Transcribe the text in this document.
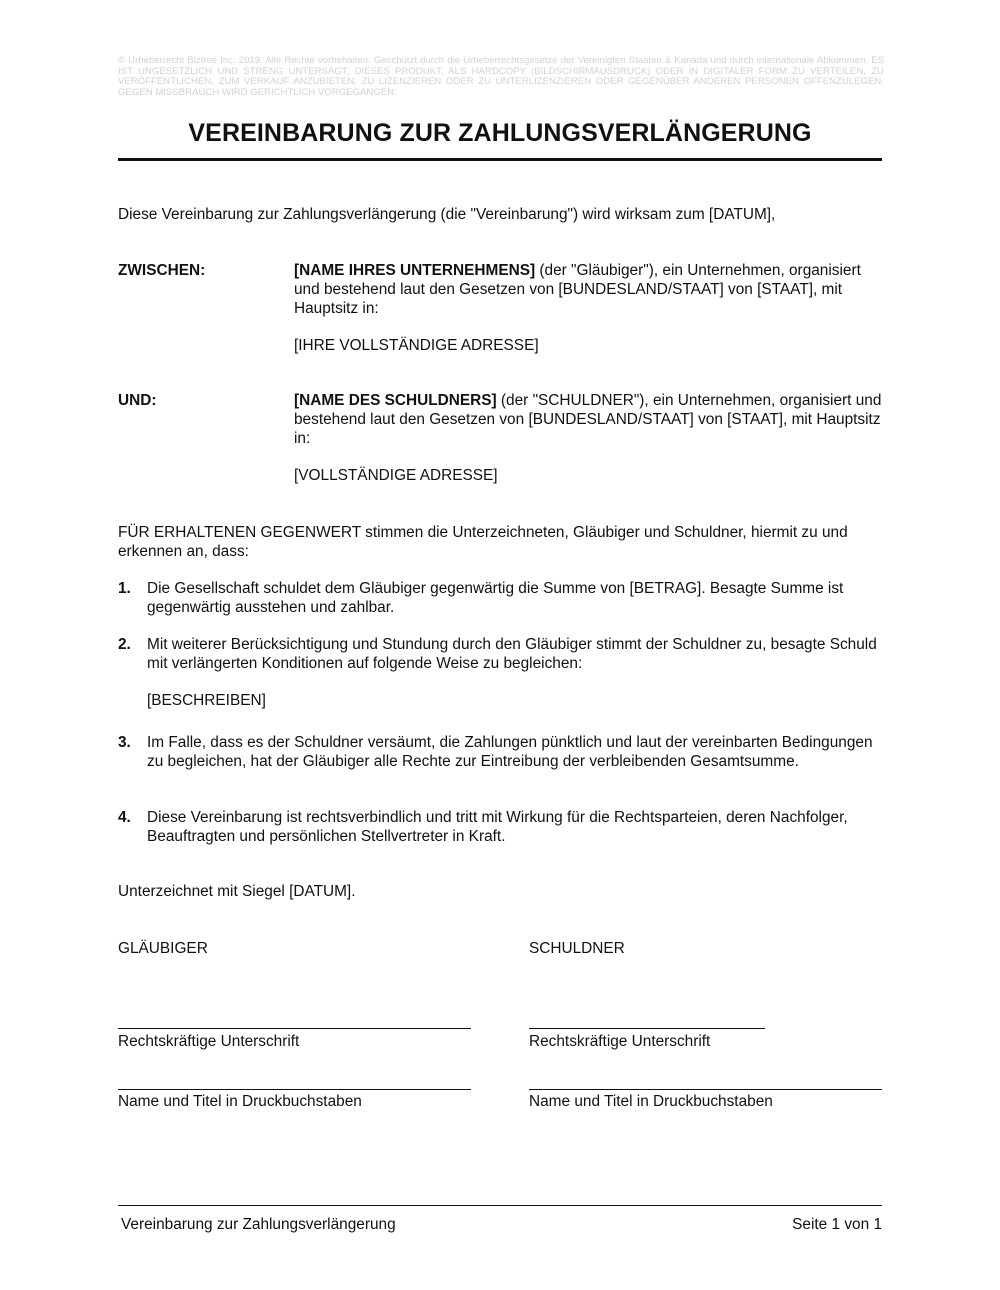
© Urheberrecht Biztree Inc. 2019. Alle Rechte vorbehalten. Geschützt durch die Urheberrechtsgesetze der Vereinigten Staaten & Kanada und durch internationale Abkommen. ES IST UNGESETZLICH UND STRENG UNTERSAGT, DIESES PRODUKT, ALS HARDCOPY (BILDSCHIRMAUSDRUCK) ODER IN DIGITALER FORM ZU VERTEILEN, ZU VERÖFFENTLICHEN, ZUM VERKAUF ANZUBIETEN, ZU LIZENZIEREN ODER ZU UNTERLIZENZIEREN ODER GEGENÜBER ANDEREN PERSONEN OFFENZULEGEN. GEGEN MISSBRAUCH WIRD GERICHTLICH VORGEGANGEN.
VEREINBARUNG ZUR ZAHLUNGSVERLÄNGERUNG
Diese Vereinbarung zur Zahlungsverlängerung (die "Vereinbarung") wird wirksam zum [DATUM],
ZWISCHEN:	[NAME IHRES UNTERNEHMENS] (der "Gläubiger"), ein Unternehmen, organisiert und bestehend laut den Gesetzen von [BUNDESLAND/STAAT] von [STAAT], mit Hauptsitz in:
[IHRE VOLLSTÄNDIGE ADRESSE]
UND:	[NAME DES SCHULDNERS] (der "SCHULDNER"), ein Unternehmen, organisiert und bestehend laut den Gesetzen von [BUNDESLAND/STAAT] von [STAAT], mit Hauptsitz in:
[VOLLSTÄNDIGE ADRESSE]
FÜR ERHALTENEN GEGENWERT stimmen die Unterzeichneten, Gläubiger und Schuldner, hiermit zu und erkennen an, dass:
1.	Die Gesellschaft schuldet dem Gläubiger gegenwärtig die Summe von [BETRAG]. Besagte Summe ist gegenwärtig ausstehen und zahlbar.
2.	Mit weiterer Berücksichtigung und Stundung durch den Gläubiger stimmt der Schuldner zu, besagte Schuld mit verlängerten Konditionen auf folgende Weise zu begleichen:
[BESCHREIBEN]
3.	Im Falle, dass es der Schuldner versäumt, die Zahlungen pünktlich und laut der vereinbarten Bedingungen zu begleichen, hat der Gläubiger alle Rechte zur Eintreibung der verbleibenden Gesamtsumme.
4.	Diese Vereinbarung ist rechtsverbindlich und tritt mit Wirkung für die Rechtsparteien, deren Nachfolger, Beauftragten und persönlichen Stellvertreter in Kraft.
Unterzeichnet mit Siegel [DATUM].
GLÄUBIGER	SCHULDNER
Rechtskräftige Unterschrift	Rechtskräftige Unterschrift
Name und Titel in Druckbuchstaben	Name und Titel in Druckbuchstaben
Vereinbarung zur Zahlungsverlängerung	Seite 1 von 1
